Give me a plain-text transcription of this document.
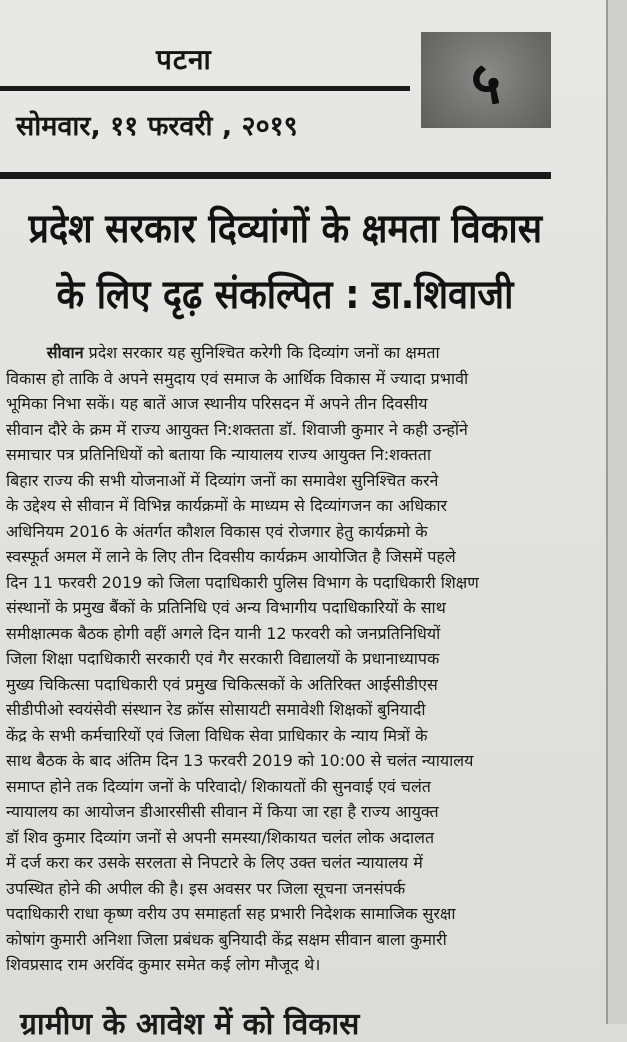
पटना
सोमवार, ११ फरवरी , २०१९
५
प्रदेश सरकार दिव्यांगों के क्षमता विकास
के लिए दृढ़ संकल्पित : डा.शिवाजी
सीवान प्रदेश सरकार यह सुनिश्चित करेगी कि दिव्यांग जनों का क्षमता
विकास हो ताकि वे अपने समुदाय एवं समाज के आर्थिक विकास में ज्यादा प्रभावी
भूमिका निभा सकें। यह बातें आज स्थानीय परिसदन में अपने तीन दिवसीय
सीवान दौरे के क्रम में राज्य आयुक्त नि:शक्तता डॉ. शिवाजी कुमार ने कही उन्होंने
समाचार पत्र प्रतिनिधियों को बताया कि न्यायालय राज्य आयुक्त नि:शक्तता
बिहार राज्य की सभी योजनाओं में दिव्यांग जनों का समावेश सुनिश्चित करने
के उद्देश्य से सीवान में विभिन्न कार्यक्रमों के माध्यम से दिव्यांगजन का अधिकार
अधिनियम 2016 के अंतर्गत कौशल विकास एवं रोजगार हेतु कार्यक्रमो के
स्वस्फूर्त अमल में लाने के लिए तीन दिवसीय कार्यक्रम आयोजित है जिसमें पहले
दिन 11 फरवरी 2019 को जिला पदाधिकारी पुलिस विभाग के पदाधिकारी शिक्षण
संस्थानों के प्रमुख बैंकों के प्रतिनिधि एवं अन्य विभागीय पदाधिकारियों के साथ
समीक्षात्मक बैठक होगी वहीं अगले दिन यानी 12 फरवरी को जनप्रतिनिधियों
जिला शिक्षा पदाधिकारी सरकारी एवं गैर सरकारी विद्यालयों के प्रधानाध्यापक
मुख्य चिकित्सा पदाधिकारी एवं प्रमुख चिकित्सकों के अतिरिक्त आईसीडीएस
सीडीपीओ स्वयंसेवी संस्थान रेड क्रॉस सोसायटी समावेशी शिक्षकों बुनियादी
केंद्र के सभी कर्मचारियों एवं जिला विधिक सेवा प्राधिकार के न्याय मित्रों के
साथ बैठक के बाद अंतिम दिन 13 फरवरी 2019 को 10:00 से चलंत न्यायालय
समाप्त होने तक दिव्यांग जनों के परिवादो/ शिकायतों की सुनवाई एवं चलंत
न्यायालय का आयोजन डीआरसीसी सीवान में किया जा रहा है राज्य आयुक्त
डॉ शिव कुमार दिव्यांग जनों से अपनी समस्या/शिकायत चलंत लोक अदालत
में दर्ज करा कर उसके सरलता से निपटारे के लिए उक्त चलंत न्यायालय में
उपस्थित होने की अपील की है। इस अवसर पर जिला सूचना जनसंपर्क
पदाधिकारी राधा कृष्ण वरीय उप समाहर्ता सह प्रभारी निदेशक सामाजिक सुरक्षा
कोषांग कुमारी अनिशा जिला प्रबंधक बुनियादी केंद्र सक्षम सीवान बाला कुमारी
शिवप्रसाद राम अरविंद कुमार समेत कई लोग मौजूद थे।
ग्रामीण के आवेश में को विकास
